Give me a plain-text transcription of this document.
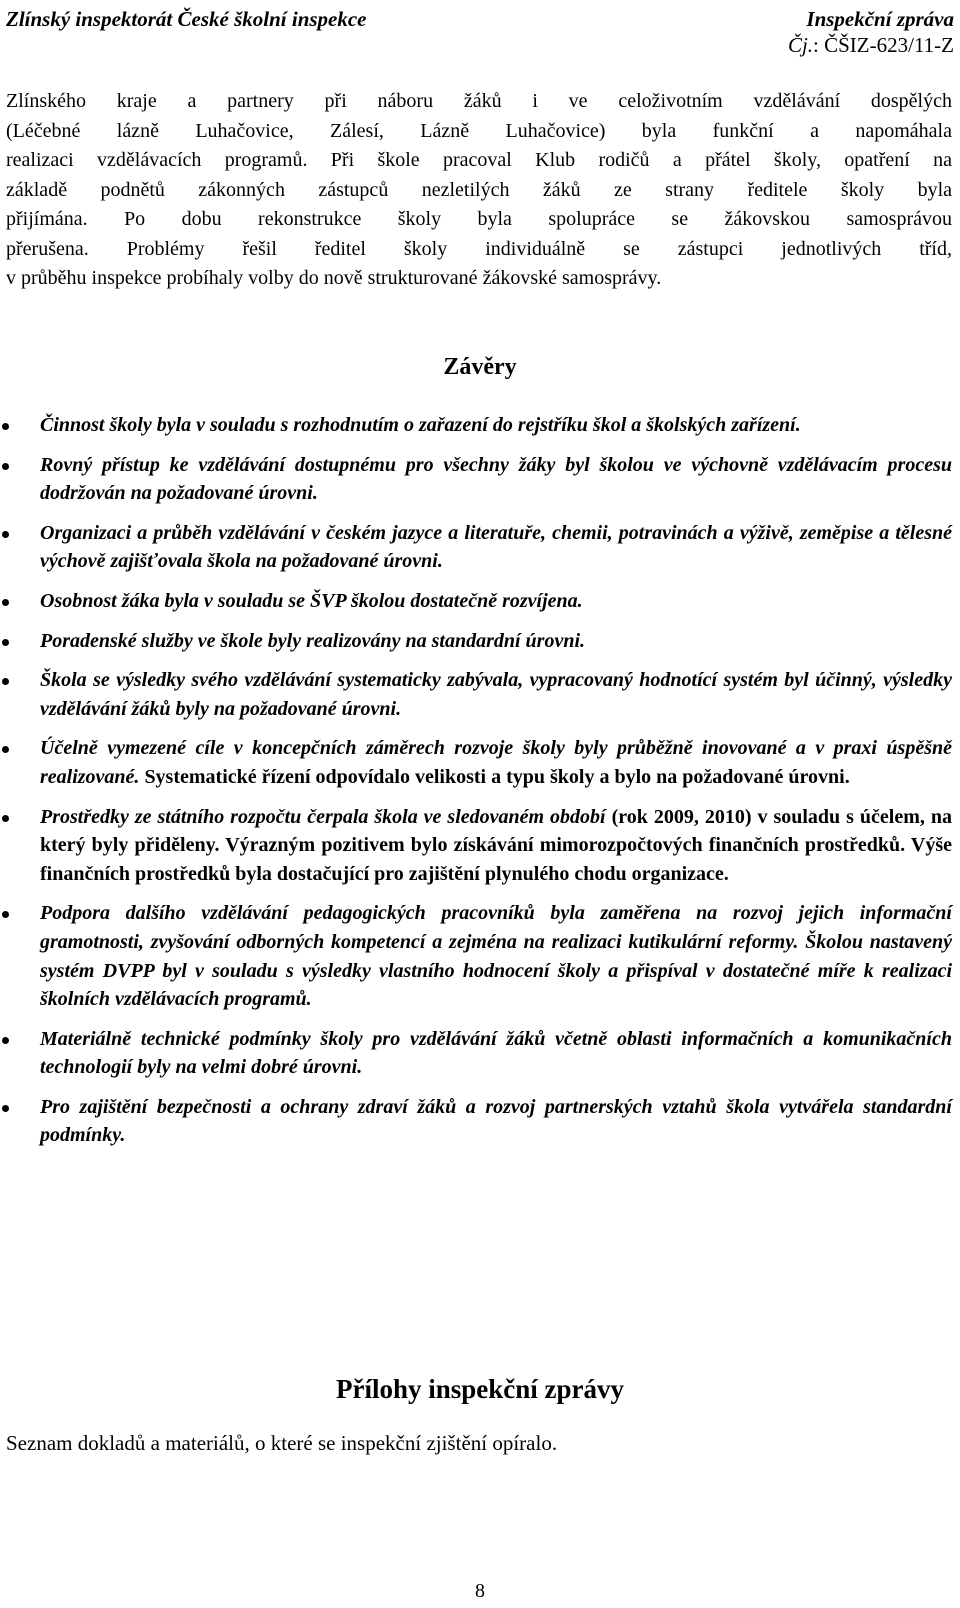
Zlínský inspektorát České školní inspekce	Inspekční zpráva
Čj.: ČŠIZ-623/11-Z

Zlínského kraje a partnery při náboru žáků i ve celoživotním vzdělávání dospělých
(Léčebné lázně Luhačovice, Zálesí, Lázně Luhačovice) byla funkční a napomáhala
realizaci vzdělávacích programů. Při škole pracoval Klub rodičů a přátel školy, opatření na
základě podnětů zákonných zástupců nezletilých žáků ze strany ředitele školy byla
přijímána. Po dobu rekonstrukce školy byla spolupráce se žákovskou samosprávou
přerušena. Problémy řešil ředitel školy individuálně se zástupci jednotlivých tříd,
v průběhu inspekce probíhaly volby do nově strukturované žákovské samosprávy.

Závěry
Činnost školy byla v souladu s rozhodnutím o zařazení do rejstříku škol a školských zařízení.
Rovný přístup ke vzdělávání dostupnému pro všechny žáky byl školou ve výchovně vzdělávacím procesu dodržován na požadované úrovni.
Organizaci a průběh vzdělávání v českém jazyce a literatuře, chemii, potravinách a výživě, zeměpise a tělesné výchově zajišťovala škola na požadované úrovni.
Osobnost žáka byla v souladu se ŠVP školou dostatečně rozvíjena.
Poradenské služby ve škole byly realizovány na standardní úrovni.
Škola se výsledky svého vzdělávání systematicky zabývala, vypracovaný hodnotící systém byl účinný, výsledky vzdělávání žáků byly na požadované úrovni.
Účelně vymezené cíle v koncepčních záměrech rozvoje školy byly průběžně inovované a v praxi úspěšně realizované. Systematické řízení odpovídalo velikosti a typu školy a bylo na požadované úrovni.
Prostředky ze státního rozpočtu čerpala škola ve sledovaném období (rok 2009, 2010) v souladu s účelem, na který byly přiděleny. Výrazným pozitivem bylo získávání mimorozpočtových finančních prostředků. Výše finančních prostředků byla dostačující pro zajištění plynulého chodu organizace.
Podpora dalšího vzdělávání pedagogických pracovníků byla zaměřena na rozvoj jejich informační gramotnosti, zvyšování odborných kompetencí a zejména na realizaci kutikulární reformy. Školou nastavený systém DVPP byl v souladu s výsledky vlastního hodnocení školy a přispíval v dostatečné míře k realizaci školních vzdělávacích programů.
Materiálně technické podmínky školy pro vzdělávání žáků včetně oblasti informačních a komunikačních technologií byly na velmi dobré úrovni.
Pro zajištění bezpečnosti a ochrany zdraví žáků a rozvoj partnerských vztahů škola vytvářela standardní podmínky.
Přílohy inspekční zprávy

Seznam dokladů a materiálů, o které se inspekční zjištění opíralo.

8
